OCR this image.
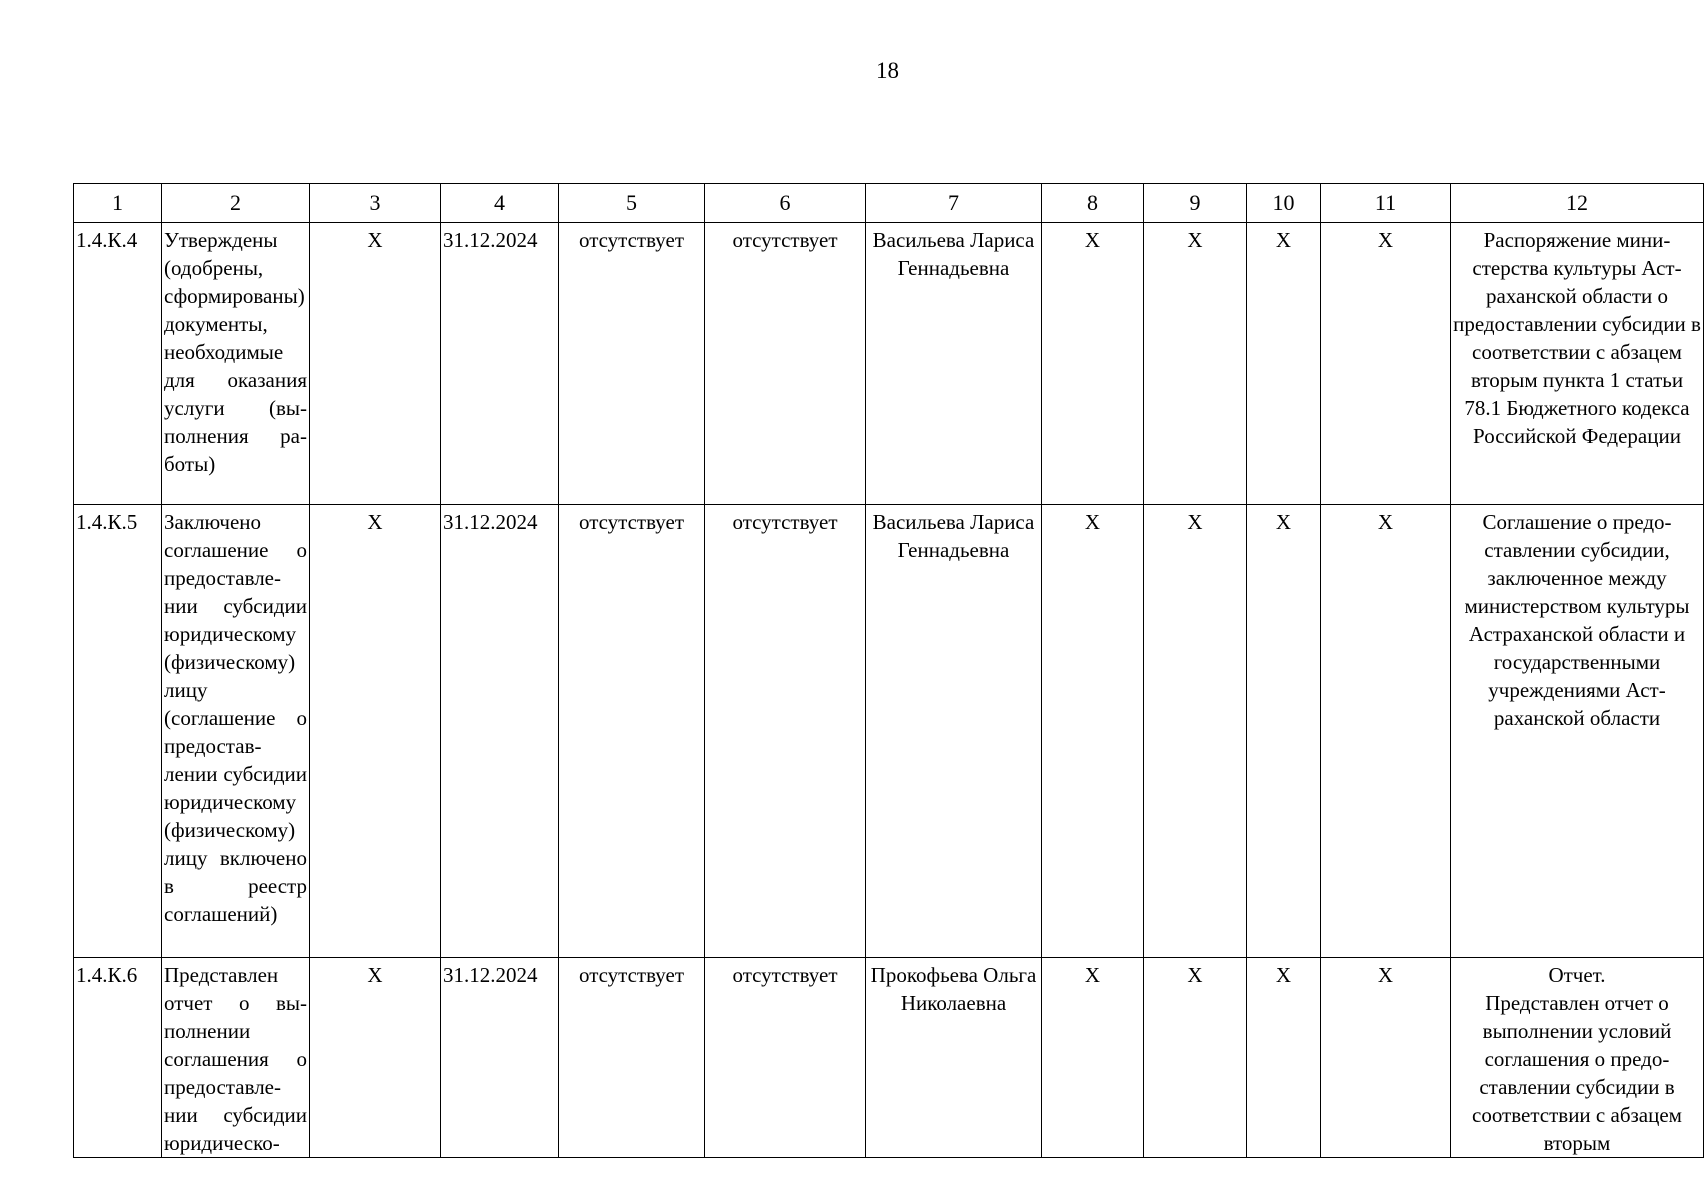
18
1	2	3	4	5	6	7	8	9	10	11	12

1.4.К.4	Утверждены (одобрены, сформированы) документы, необходимые для оказания услуги (выполнения работы)	X	31.12.2024	отсутствует	отсутствует	Васильева Лариса Геннадьевна	X	X	X	X	Распоряжение министерства культуры Астраханской области о предоставлении субсидии в соответствии с абзацем вторым пункта 1 статьи 78.1 Бюджетного кодекса Российской Федерации

1.4.К.5	Заключено соглашение о предоставлении субсидии юридическому (физическому) лицу (соглашение о предоставлении субсидии юридическому (физическому) лицу включено в реестр соглашений)	X	31.12.2024	отсутствует	отсутствует	Васильева Лариса Геннадьевна	X	X	X	X	Соглашение о предоставлении субсидии, заключенное между министерством культуры Астраханской области и государственными учреждениями Астраханской области

1.4.К.6	Представлен отчет о выполнении соглашения о предоставлении субсидии юридическо-	X	31.12.2024	отсутствует	отсутствует	Прокофьева Ольга Николаевна	X	X	X	X	Отчет.
Представлен отчет о выполнении условий соглашения о предоставлении субсидии в соответствии с абзацем вторым
